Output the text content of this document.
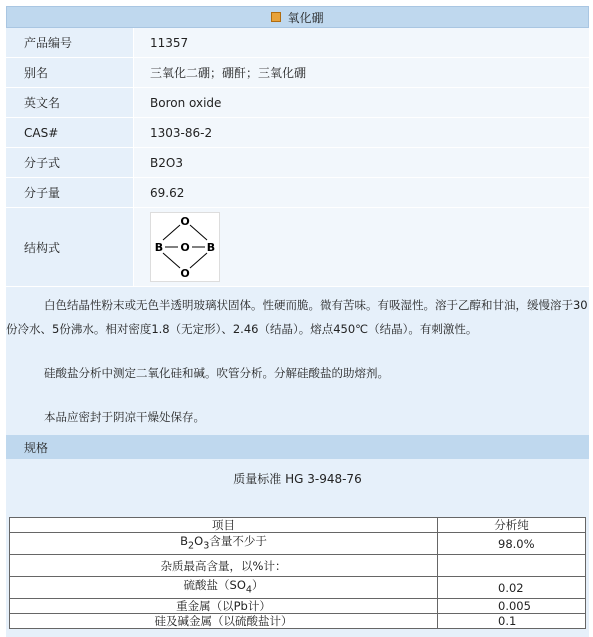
氧化硼
产品编号	11357
别名	三氧化二硼；硼酐；三氧化硼
英文名	Boron oxide
CAS#	1303-86-2
分子式	B2O3
分子量	69.62
结构式
O
B O B
O

白色结晶性粉末或无色半透明玻璃状固体。性硬而脆。微有苦味。有吸湿性。溶于乙醇和甘油，缓慢溶于30份冷水、5份沸水。相对密度1.8（无定形）、2.46（结晶）。熔点450℃（结晶）。有刺激性。

硅酸盐分析中测定二氧化硅和碱。吹管分析。分解硅酸盐的助熔剂。

本品应密封于阴凉干燥处保存。

规格
质量标准 HG 3-948-76
项目	分析纯
$B_2O_3$含量不少于	98.0%
杂质最高含量，以%计：	
硫酸盐$(SO_4)$	0.02
重金属（以Pb计）	0.005
硅及碱金属（以硫酸盐计）	0.1
